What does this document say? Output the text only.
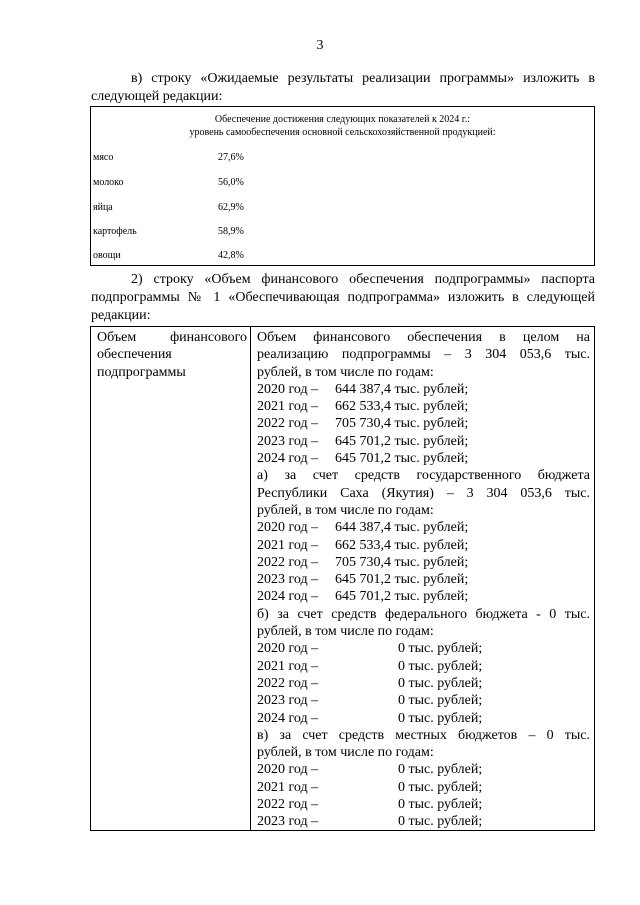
3
в) строку «Ожидаемые результаты реализации программы» изложить в следующей редакции:
Обеспечение достижения следующих показателей к 2024 г.:
уровень самообеспечения основной сельскохозяйственной продукцией:
мясо	27,6%
молоко	56,0%
яйца	62,9%
картофель	58,9%
овощи	42,8%
2) строку «Объем финансового обеспечения подпрограммы» паспорта подпрограммы № 1 «Обеспечивающая подпрограмма» изложить в следующей редакции:
Объем финансового обеспечения подпрограммы
Объем финансового обеспечения в целом на
реализацию подпрограммы – 3 304 053,6 тыс.
рублей, в том числе по годам:
2020 год – 644 387,4 тыс. рублей;
2021 год – 662 533,4 тыс. рублей;
2022 год – 705 730,4 тыс. рублей;
2023 год – 645 701,2 тыс. рублей;
2024 год – 645 701,2 тыс. рублей;
а) за счет средств государственного бюджета
Республики Саха (Якутия) – 3 304 053,6 тыс.
рублей, в том числе по годам:
2020 год – 644 387,4 тыс. рублей;
2021 год – 662 533,4 тыс. рублей;
2022 год – 705 730,4 тыс. рублей;
2023 год – 645 701,2 тыс. рублей;
2024 год – 645 701,2 тыс. рублей;
б) за счет средств федерального бюджета - 0 тыс.
рублей, в том числе по годам:
2020 год –	0 тыс. рублей;
2021 год –	0 тыс. рублей;
2022 год –	0 тыс. рублей;
2023 год –	0 тыс. рублей;
2024 год –	0 тыс. рублей;
в) за счет средств местных бюджетов – 0 тыс.
рублей, в том числе по годам:
2020 год –	0 тыс. рублей;
2021 год –	0 тыс. рублей;
2022 год –	0 тыс. рублей;
2023 год –	0 тыс. рублей;
